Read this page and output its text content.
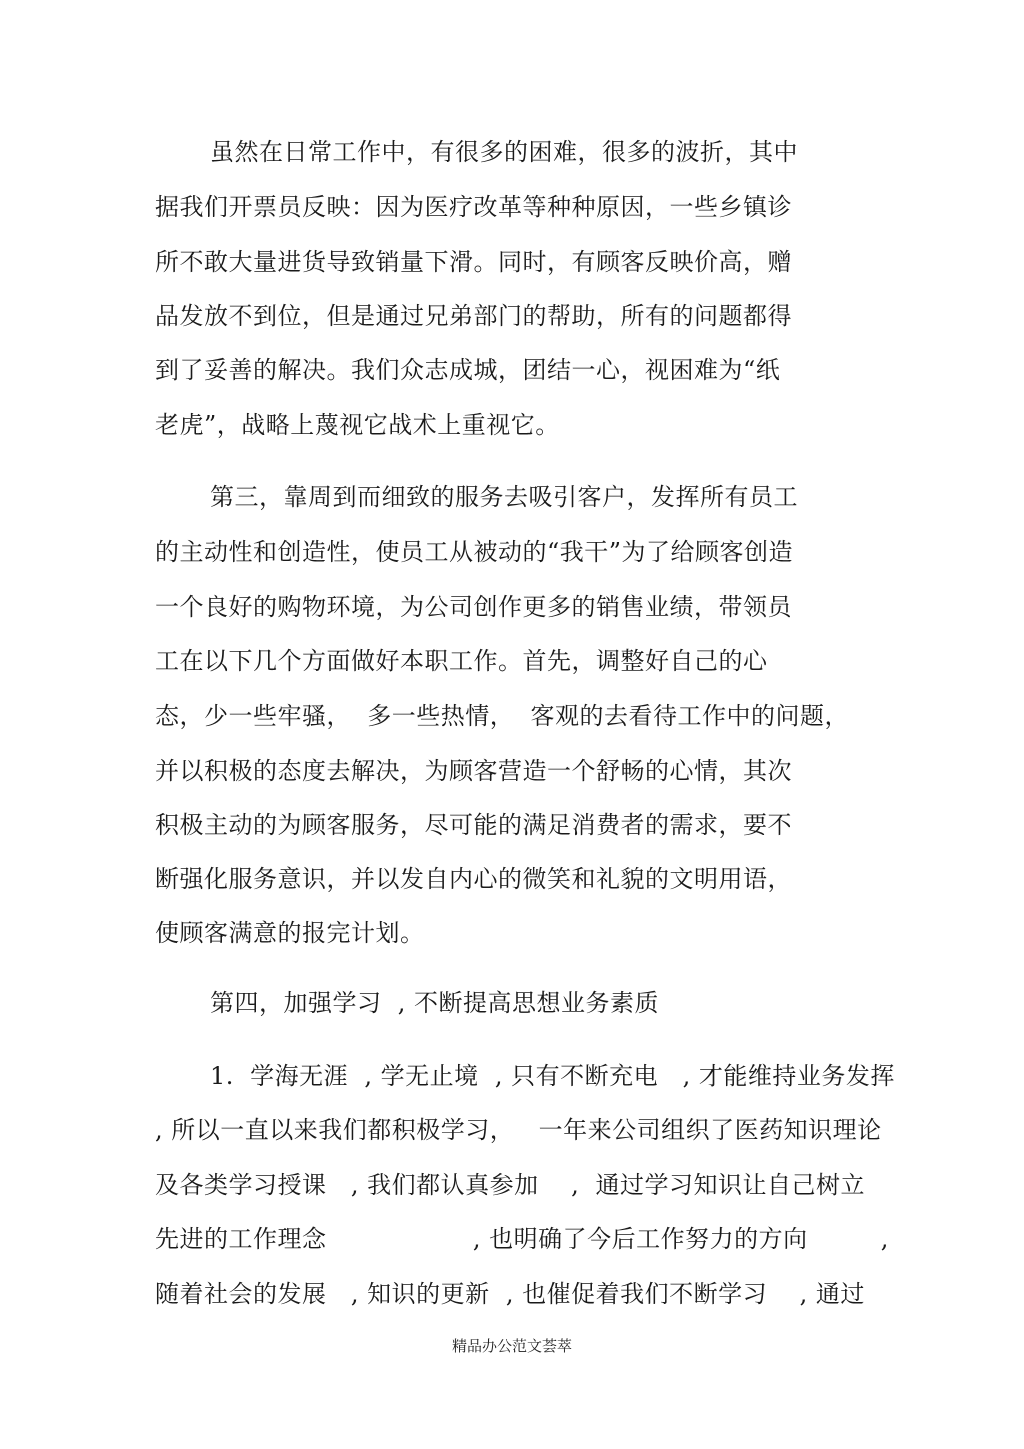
虽然在日常工作中，有很多的困难，很多的波折，其中
据我们开票员反映：因为医疗改革等种种原因，一些乡镇诊
所不敢大量进货导致销量下滑。同时，有顾客反映价高，赠
品发放不到位，但是通过兄弟部门的帮助，所有的问题都得
到了妥善的解决。我们众志成城，团结一心，视困难为“纸
老虎”，战略上蔑视它战术上重视它。
第三，靠周到而细致的服务去吸引客户，发挥所有员工
的主动性和创造性，使员工从被动的“我干”为了给顾客创造
一个良好的购物环境，为公司创作更多的销售业绩，带领员
工在以下几个方面做好本职工作。首先，调整好自己的心
态，少一些牢骚，  多一些热情，  客观的去看待工作中的问题，
并以积极的态度去解决，为顾客营造一个舒畅的心情，其次
积极主动的为顾客服务，尽可能的满足消费者的需求，要不
断强化服务意识，并以发自内心的微笑和礼貌的文明用语，
使顾客满意的报完计划。
第四，加强学习  , 不断提高思想业务素质
1.  学海无涯  , 学无止境  , 只有不断充电   , 才能维持业务发挥
, 所以一直以来我们都积极学习，   一年来公司组织了医药知识理论
及各类学习授课   , 我们都认真参加    ,  通过学习知识让自己树立
先进的工作理念                  , 也明确了今后工作努力的方向         ,
随着社会的发展   , 知识的更新  , 也催促着我们不断学习    , 通过
精品办公范文荟萃
